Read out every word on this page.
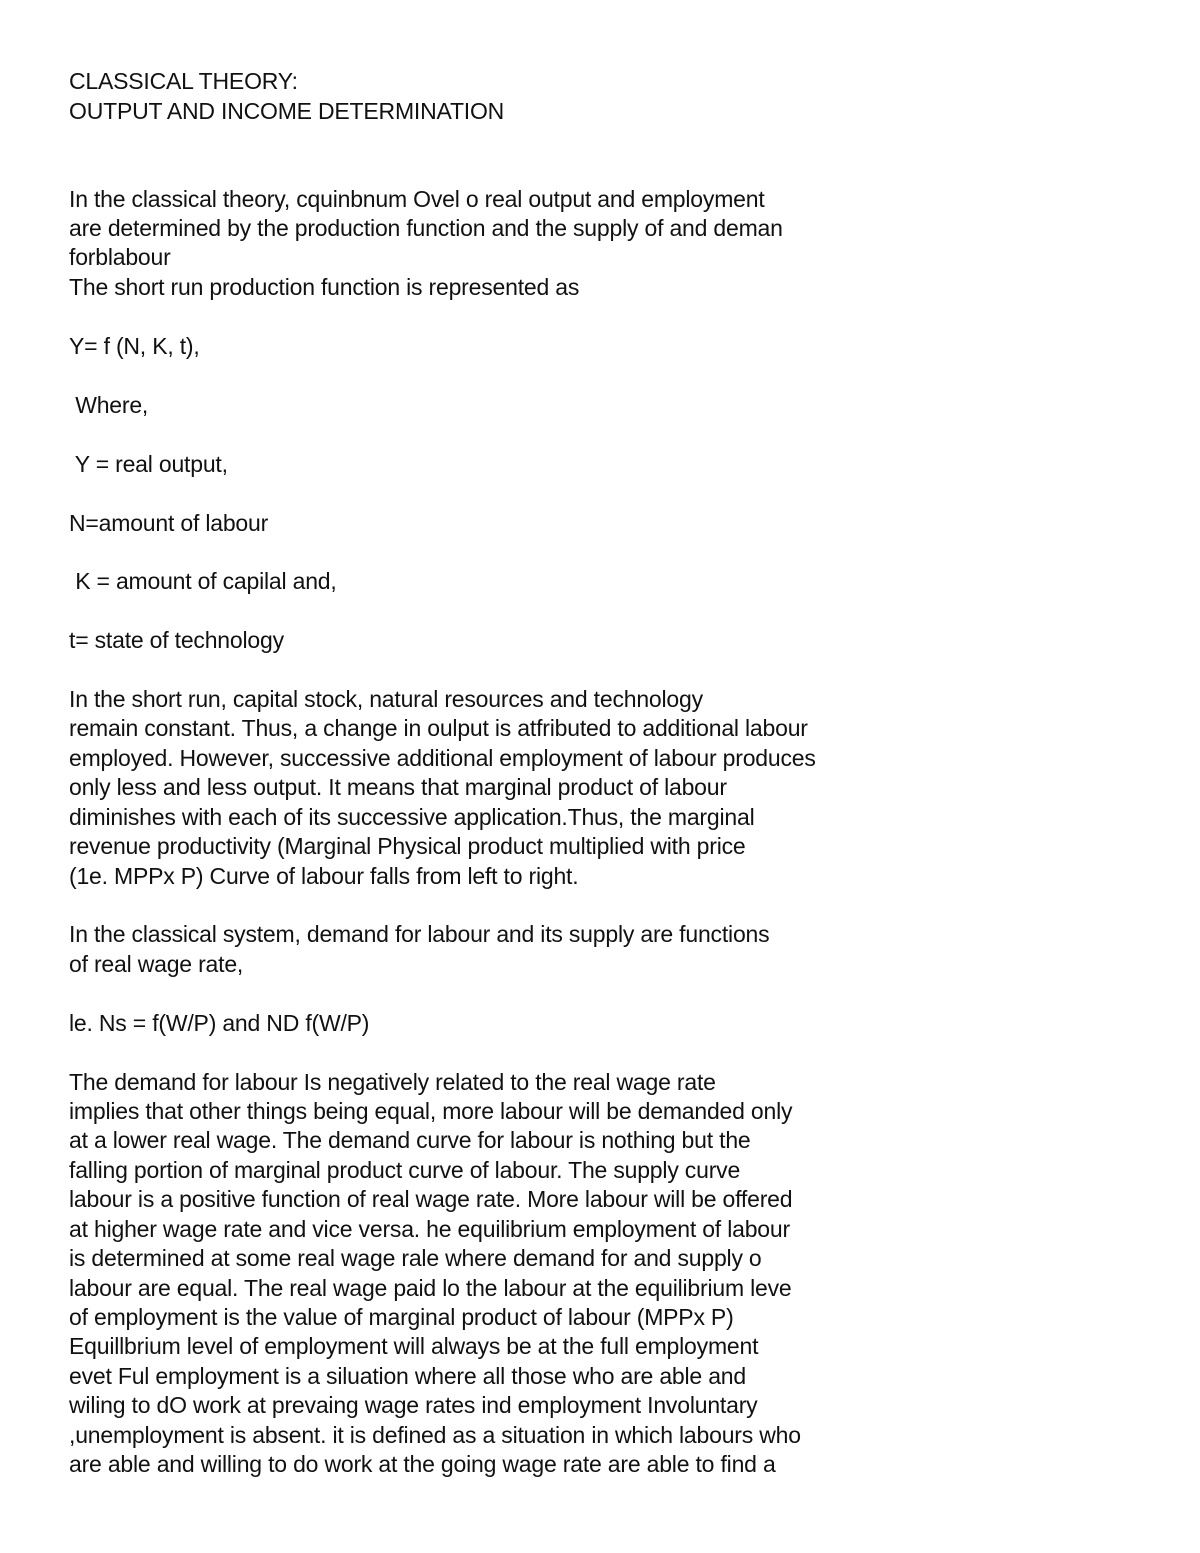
CLASSICAL THEORY:
OUTPUT AND INCOME DETERMINATION
In the classical theory, cquinbnum Ovel o real output and employment
are determined by the production function and the supply of and deman
forblabour
The short run production function is represented as
Y= f (N, K, t),
Where,
Y = real output,
N=amount of labour
K = amount of capilal and,
t= state of technology
In the short run, capital stock, natural resources and technology
remain constant. Thus, a change in oulput is atfributed to additional labour
employed. However, successive additional employment of labour produces
only less and less output. It means that marginal product of labour
diminishes with each of its successive application.Thus, the marginal
revenue productivity (Marginal Physical product multiplied with price
(1e. MPPx P) Curve of labour falls from left to right.
In the classical system, demand for labour and its supply are functions
of real wage rate,
le. Ns = f(W/P) and ND f(W/P)
The demand for labour Is negatively related to the real wage rate
implies that other things being equal, more labour will be demanded only
at a lower real wage. The demand curve for labour is nothing but the
falling portion of marginal product curve of labour. The supply curve
labour is a positive function of real wage rate. More labour will be offered
at higher wage rate and vice versa. he equilibrium employment of labour
is determined at some real wage rale where demand for and supply o
labour are equal. The real wage paid lo the labour at the equilibrium leve
of employment is the value of marginal product of labour (MPPx P)
Equillbrium level of employment will always be at the full employment
evet Ful employment is a siluation where all those who are able and
wiling to dO work at prevaing wage rates ind employment Involuntary
,unemployment is absent. it is defined as a situation in which labours who
are able and willing to do work at the going wage rate are able to find a
